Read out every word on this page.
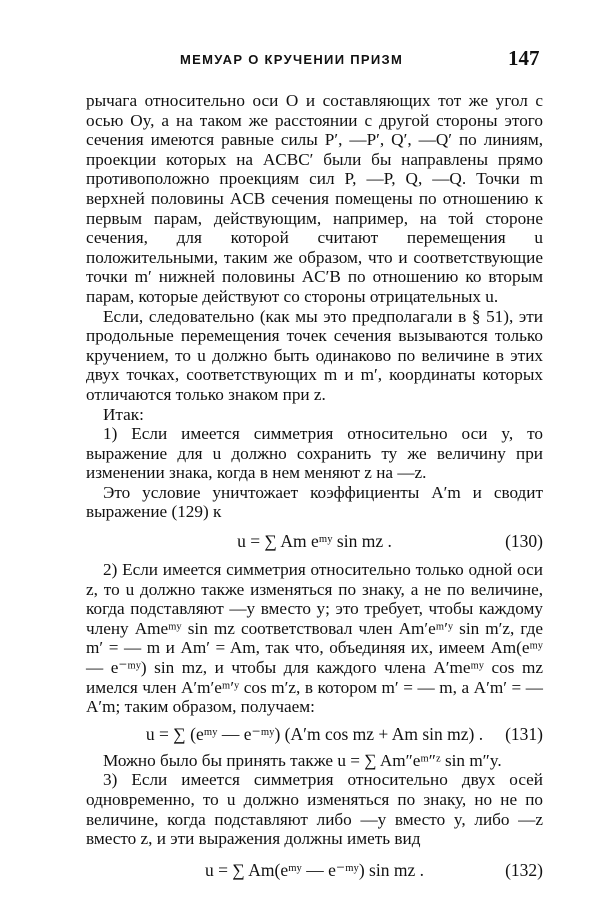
МЕМУАР О КРУЧЕНИИ ПРИЗМ	147

рычага относительно оси O и составляющих тот же угол с осью Oy, а на таком же расстоянии с другой стороны этого сечения имеются равные силы P′, —P′, Q′, —Q′ по линиям, проекции которых на ACBC′ были бы направлены прямо противоположно проекциям сил P, —P, Q, —Q. Точки m верхней половины ACB сечения помещены по отношению к первым парам, действующим, например, на той стороне сечения, для которой считают перемещения u положительными, таким же образом, что и соответствующие точки m′ нижней половины AC′B по отношению ко вторым парам, которые действуют со стороны отрицательных u.

Если, следовательно (как мы это предполагали в § 51), эти продольные перемещения точек сечения вызываются только кручением, то u должно быть одинаково по величине в этих двух точках, соответствующих m и m′, координаты которых отличаются только знаком при z.

Итак:

1) Если имеется симметрия относительно оси y, то выражение для u должно сохранить ту же величину при изменении знака, когда в нем меняют z на —z.

Это условие уничтожает коэффициенты A′m и сводит выражение (129) к

u = ∑ Am eᵐʸ sin mz .	(130)

2) Если имеется симметрия относительно только одной оси z, то u должно также изменяться по знаку, а не по величине, когда подставляют —y вместо y; это требует, чтобы каждому члену Ameᵐʸ sin mz соответствовал член Am′eᵐ′ʸ sin m′z, где m′ = — m и Am′ = Am, так что, объединяя их, имеем Am(eᵐʸ — e⁻ᵐʸ) sin mz, и чтобы для каждого члена A′meᵐʸ cos mz имелся член A′m′eᵐ′ʸ cos m′z, в котором m′ = — m, а A′m′ = — A′m; таким образом, получаем:

u = ∑ (eᵐʸ — e⁻ᵐʸ) (A′m cos mz + Am sin mz) .	(131)

Можно было бы принять также u = ∑ Am″eᵐ″ᶻ sin m″y.

3) Если имеется симметрия относительно двух осей одновременно, то u должно изменяться по знаку, но не по величине, когда подставляют либо —y вместо y, либо —z вместо z, и эти выражения должны иметь вид

u = ∑ Am(eᵐʸ — e⁻ᵐʸ) sin mz .	(132)
